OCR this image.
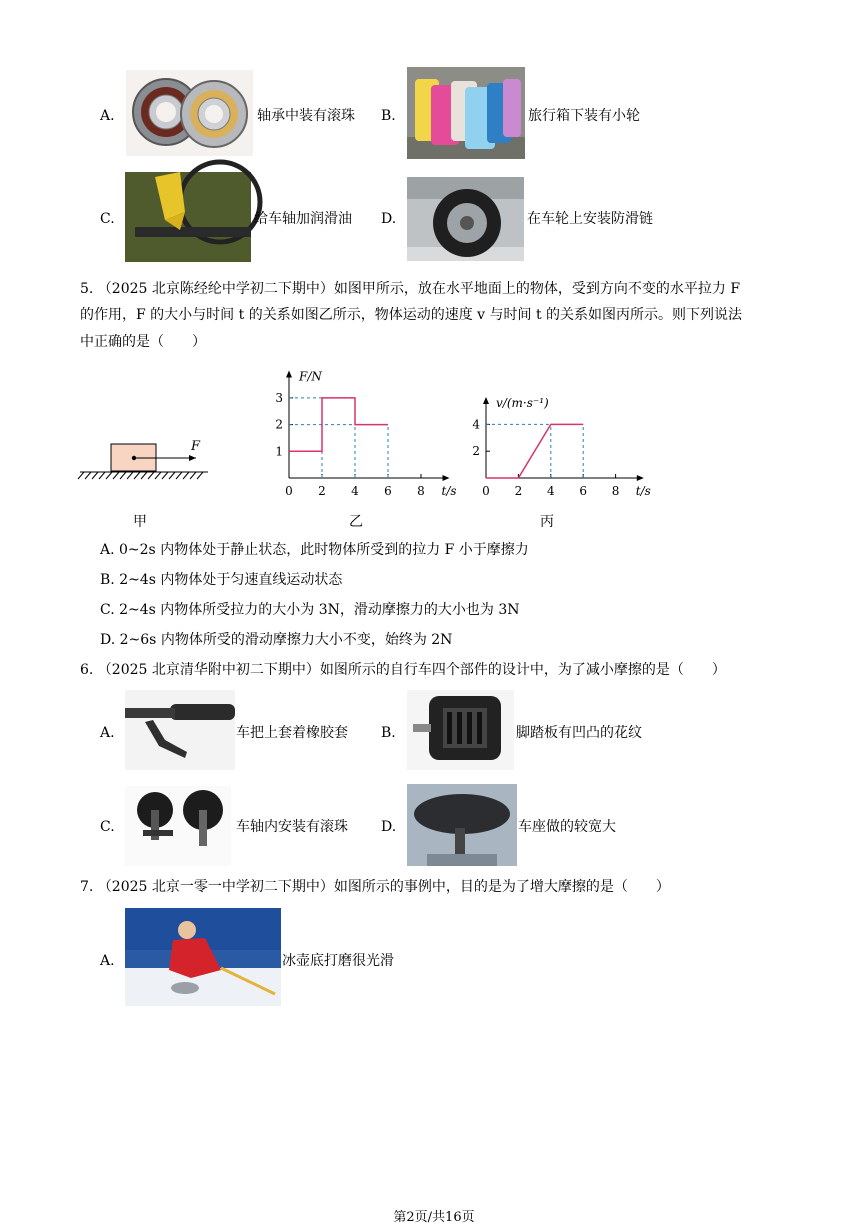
A.	轴承中装有滚珠 B.	旅行箱下装有小轮
C.	给车轴加润滑油 D.	在车轮上安装防滑链
5. （2025 北京陈经纶中学初二下期中）如图甲所示，放在水平地面上的物体，受到方向不变的水平拉力 F
的作用，F 的大小与时间 t 的关系如图乙所示，物体运动的速度 v 与时间 t 的关系如图丙所示。则下列说法
中正确的是（　　）
F
甲
F/N
t/s
0 2 4 6 8
1
2
3
乙
v/(m·s⁻¹)
t/s
0 2 4 6 8
2
4
丙
A. 0~2s 内物体处于静止状态，此时物体所受到的拉力 F 小于摩擦力
B. 2~4s 内物体处于匀速直线运动状态
C. 2~4s 内物体所受拉力的大小为 3N，滑动摩擦力的大小也为 3N
D. 2~6s 内物体所受的滑动摩擦力大小不变，始终为 2N
6. （2025 北京清华附中初二下期中）如图所示的自行车四个部件的设计中，为了减小摩擦的是（　　）
A.	车把上套着橡胶套 B.	脚踏板有凹凸的花纹
C.	车轴内安装有滚珠 D.	车座做的较宽大
7. （2025 北京一零一中学初二下期中）如图所示的事例中，目的是为了增大摩擦的是（　　）
A.	冰壶底打磨很光滑
第2页/共16页
